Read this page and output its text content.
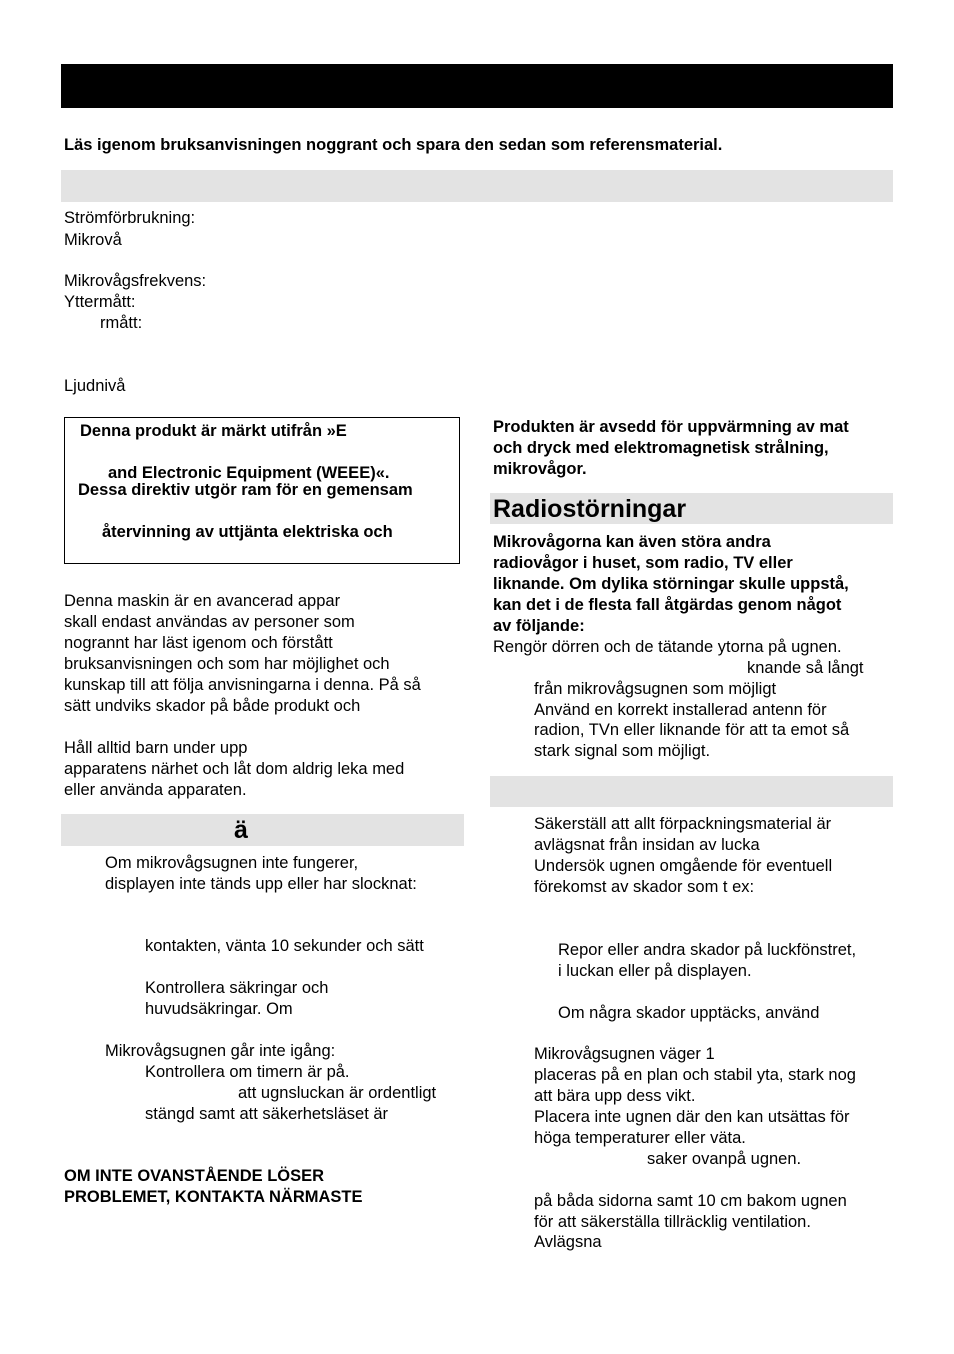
Läs igenom bruksanvisningen noggrant och spara den sedan som referensmaterial.
Strömförbrukning:
Mikrovå
Mikrovågsfrekvens:
Yttermått:
rmått:
Ljudnivå
Denna produkt är märkt utifrån »E
and Electronic Equipment (WEEE)«.
Dessa direktiv utgör ram för en gemensam
återvinning av uttjänta elektriska och
Denna maskin är en avancerad appar
skall endast användas av personer som
nogrannt har läst igenom och förstått
bruksanvisningen och som har möjlighet och
kunskap till att följa anvisningarna i denna. På så
sätt undviks skador på både produkt och
Håll alltid barn under upp
apparatens närhet och låt dom aldrig leka med
eller använda apparaten.
ä
Om mikrovågsugnen inte fungerer,
displayen inte tänds upp eller har slocknat:
kontakten, vänta 10 sekunder och sätt
Kontrollera säkringar och
huvudsäkringar. Om
Mikrovågsugnen går inte igång:
Kontrollera om timern är på.
att ugnsluckan är ordentligt
stängd samt att säkerhetsläset är
OM INTE OVANSTÅENDE LÖSER
PROBLEMET, KONTAKTA NÄRMASTE
Produkten är avsedd för uppvärmning av mat
och dryck med elektromagnetisk strålning,
mikrovågor.
Radiostörningar
Mikrovågorna kan även störa andra
radiovågor i huset, som radio, TV eller
liknande. Om dylika störningar skulle uppstå,
kan det i de flesta fall åtgärdas genom något
av följande:
Rengör dörren och de tätande ytorna på ugnen.
knande så långt
från mikrovågsugnen som möjligt
Använd en korrekt installerad antenn för
radion, TVn eller liknande för att ta emot så
stark signal som möjligt.
Säkerställ att allt förpackningsmaterial är
avlägsnat från insidan av lucka
Undersök ugnen omgående för eventuell
förekomst av skador som t ex:
Repor eller andra skador på luckfönstret,
i luckan eller på displayen.
Om några skador upptäcks, använd
Mikrovågsugnen väger 1
placeras på en plan och stabil yta, stark nog
att bära upp dess vikt.
Placera inte ugnen där den kan utsättas för
höga temperaturer eller väta.
saker ovanpå ugnen.
på båda sidorna samt 10 cm bakom ugnen
för att säkerställa tillräcklig ventilation.
Avlägsna
